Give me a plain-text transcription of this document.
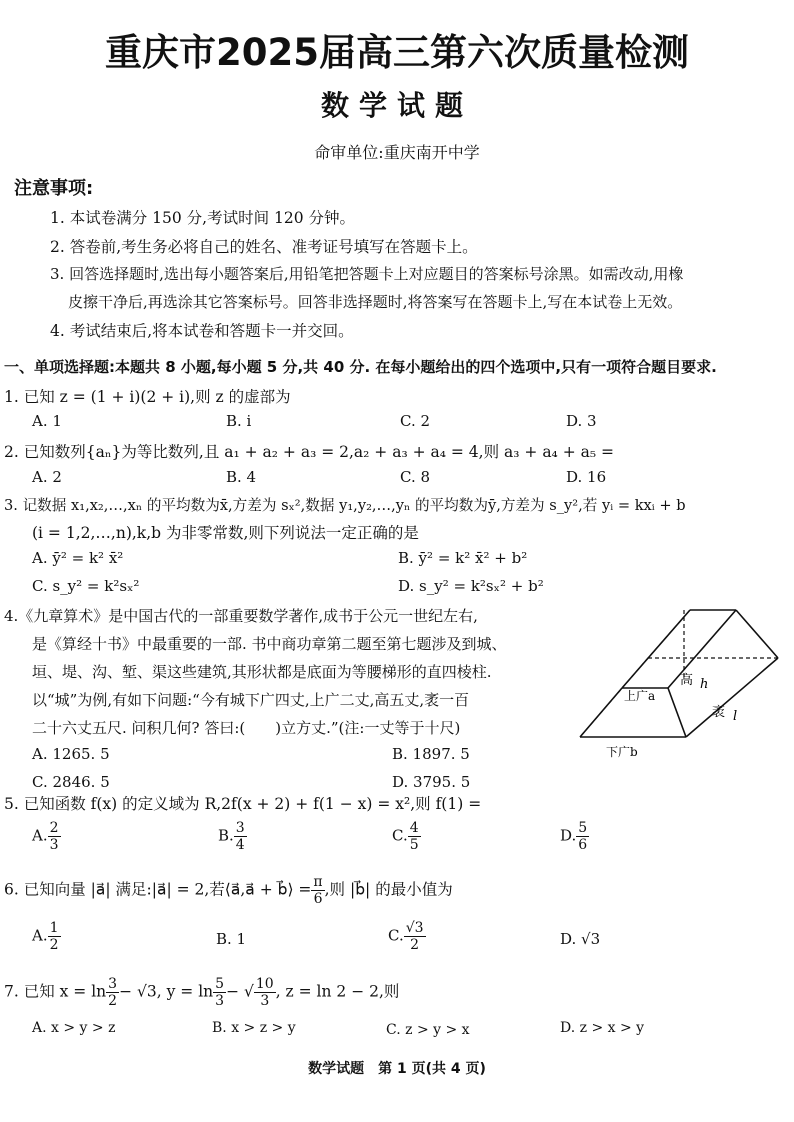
重庆市2025届高三第六次质量检测
数学试题
命审单位:重庆南开中学
注意事项:
1. 本试卷满分 150 分,考试时间 120 分钟。
2. 答卷前,考生务必将自己的姓名、准考证号填写在答题卡上。
3. 回答选择题时,选出每小题答案后,用铅笔把答题卡上对应题目的答案标号涂黑。如需改动,用橡
皮擦干净后,再选涂其它答案标号。回答非选择题时,将答案写在答题卡上,写在本试卷上无效。
4. 考试结束后,将本试卷和答题卡一并交回。
一、单项选择题:本题共 8 小题,每小题 5 分,共 40 分. 在每小题给出的四个选项中,只有一项符合题目要求.
1. 已知 z = (1 + i)(2 + i),则 z 的虚部为
A. 1	B. i	C. 2	D. 3
2. 已知数列{aₙ}为等比数列,且 a₁ + a₂ + a₃ = 2,a₂ + a₃ + a₄ = 4,则 a₃ + a₄ + a₅ =
A. 2	B. 4	C. 8	D. 16
3. 记数据 x₁,x₂,…,xₙ 的平均数为x̄,方差为 sₓ²,数据 y₁,y₂,…,yₙ 的平均数为ȳ,方差为 s_y²,若 yᵢ = kxᵢ + b
(i = 1,2,…,n),k,b 为非零常数,则下列说法一定正确的是
A. ȳ² = k² x̄²	B. ȳ² = k² x̄² + b²
C. s_y² = k²sₓ²	D. s_y² = k²sₓ² + b²
4.《九章算术》是中国古代的一部重要数学著作,成书于公元一世纪左右,
是《算经十书》中最重要的一部. 书中商功章第二题至第七题涉及到城、
垣、堤、沟、堑、渠这些建筑,其形状都是底面为等腰梯形的直四棱柱.
以“城”为例,有如下问题:“今有城下广四丈,上广二丈,高五丈,袤一百
二十六丈五尺. 问积几何? 答曰:(　　)立方丈.”(注:一丈等于十尺)
A. 1265. 5	B. 1897. 5
C. 2846. 5	D. 3795. 5
上广a
高 h
袤 l
下广b
5. 已知函数 f(x) 的定义域为 R,2f(x + 2) + f(1 − x) = x²,则 f(1) =
A. $\frac{2}{3}$	B. $\frac{3}{4}$	C. $\frac{4}{5}$	D. $\frac{5}{6}$
6. 已知向量 |a⃗| 满足:|a⃗| = 2,若⟨a⃗,a⃗ + b⃗⟩ = $\frac{\pi}{6}$ ,则 |b⃗| 的最小值为
A. $\frac{1}{2}$	B. 1	C. $\frac{√3}{2}$	D. √3
7. 已知 $x = \ln \frac{3}{2} - √3$, $y = \ln \frac{5}{3}$ − √ $\frac{10}{3}$ , z = ln 2 − 2,则
A. x > y > z	B. x > z > y	C. z > y > x	D. z > x > y
数学试题　第 1 页(共 4 页)
